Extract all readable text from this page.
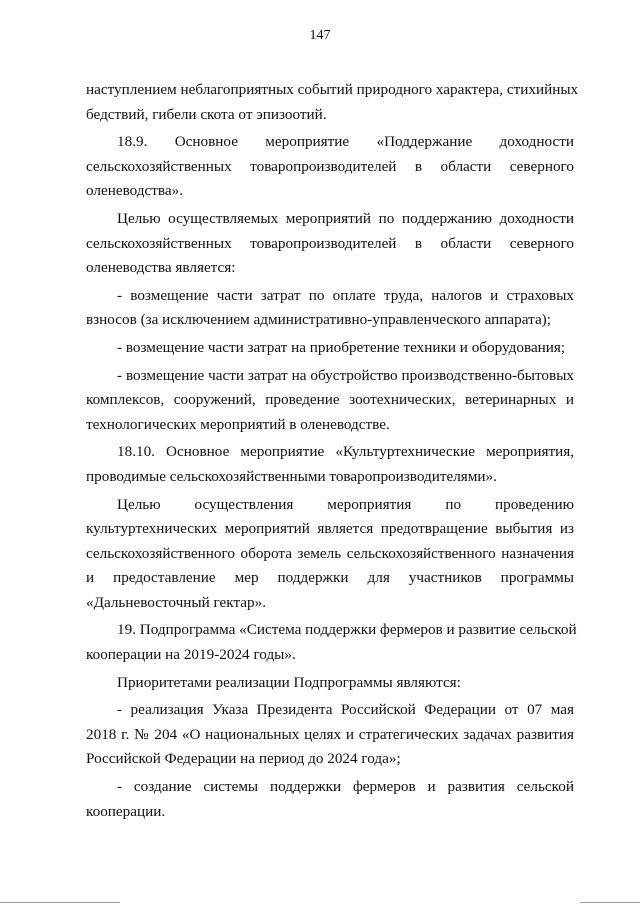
147

наступлением неблагоприятных событий природного характера, стихийных
бедствий, гибели скота от эпизоотий.

18.9. Основное мероприятие «Поддержание доходности
сельскохозяйственных товаропроизводителей в области северного
оленеводства».

Целью осуществляемых мероприятий по поддержанию доходности
сельскохозяйственных товаропроизводителей в области северного
оленеводства является:

- возмещение части затрат по оплате труда, налогов и страховых
взносов (за исключением административно-управленческого аппарата);

- возмещение части затрат на приобретение техники и оборудования;

- возмещение части затрат на обустройство производственно-бытовых
комплексов, сооружений, проведение зоотехнических, ветеринарных и
технологических мероприятий в оленеводстве.

18.10. Основное мероприятие «Культуртехнические мероприятия,
проводимые сельскохозяйственными товаропроизводителями».

Целью осуществления мероприятия по проведению
культуртехнических мероприятий является предотвращение выбытия из
сельскохозяйственного оборота земель сельскохозяйственного назначения
и предоставление мер поддержки для участников программы
«Дальневосточный гектар».

19. Подпрограмма «Система поддержки фермеров и развитие сельской
кооперации на 2019-2024 годы».

Приоритетами реализации Подпрограммы являются:

- реализация Указа Президента Российской Федерации от 07 мая
2018 г. № 204 «О национальных целях и стратегических задачах развития
Российской Федерации на период до 2024 года»;

- создание системы поддержки фермеров и развития сельской
кооперации.
